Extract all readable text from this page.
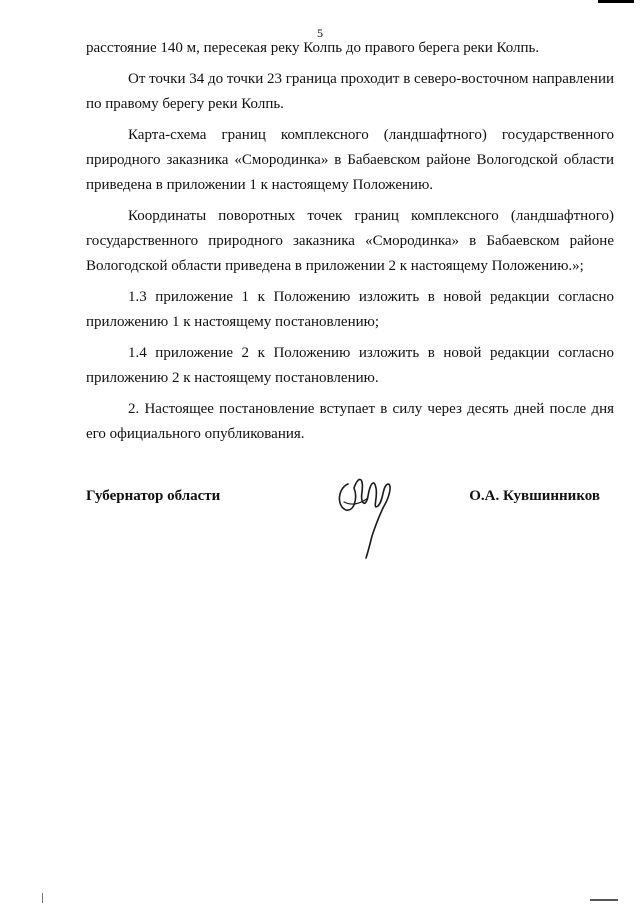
5

расстояние 140 м, пересекая реку Колпь до правого берега реки Колпь.

От точки 34 до точки 23 граница проходит в северо-восточном направлении по правому берегу реки Колпь.

Карта-схема границ комплексного (ландшафтного) государственного природного заказника «Смородинка» в Бабаевском районе Вологодской области приведена в приложении 1 к настоящему Положению.

Координаты поворотных точек границ комплексного (ландшафтного) государственного природного заказника «Смородинка» в Бабаевском районе Вологодской области приведена в приложении 2 к настоящему Положению.»;

1.3 приложение 1 к Положению изложить в новой редакции согласно приложению 1 к настоящему постановлению;

1.4 приложение 2 к Положению изложить в новой редакции согласно приложению 2 к настоящему постановлению.

2. Настоящее постановление вступает в силу через десять дней после дня его официального опубликования.

Губернатор области	О.А. Кувшинников
